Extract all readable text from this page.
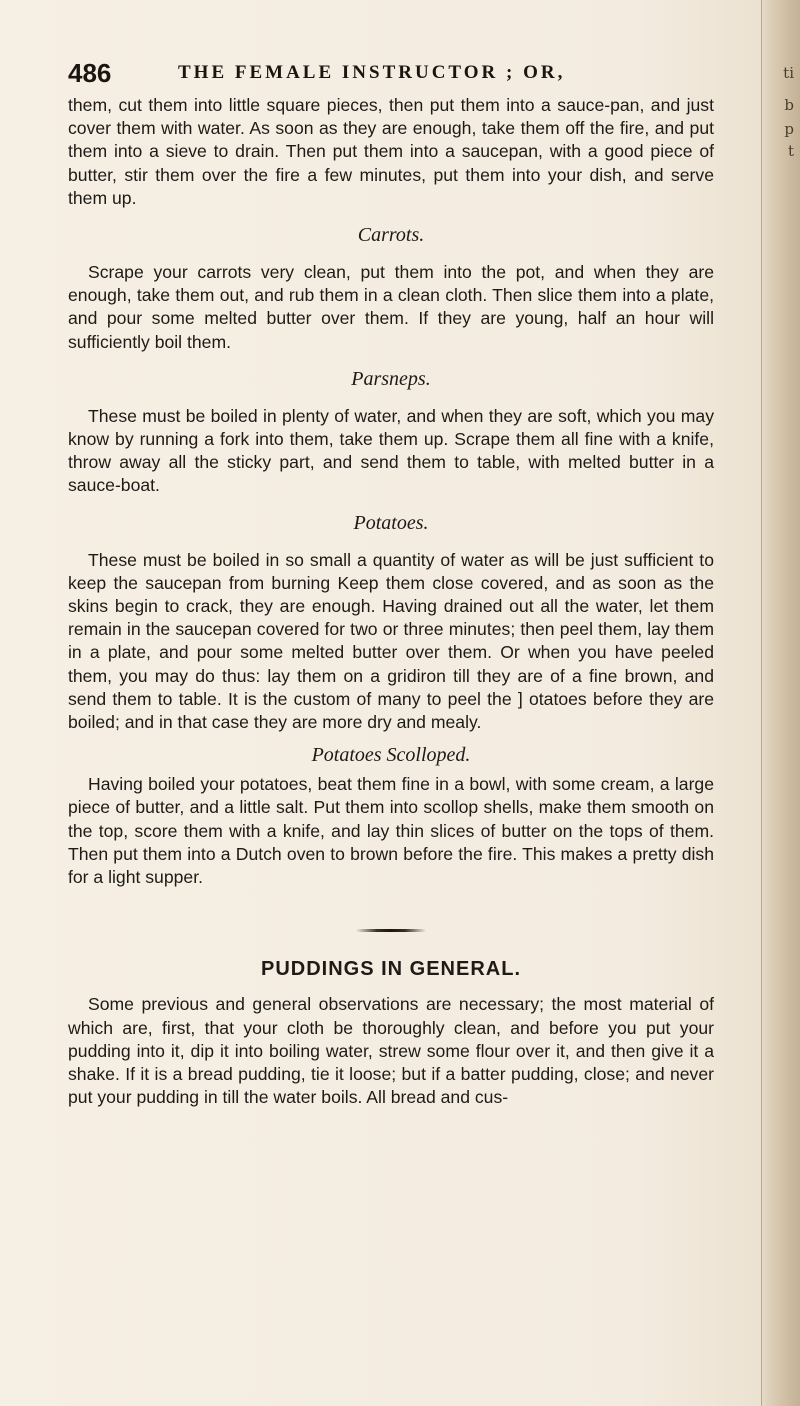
ti
b
p
t
486	THE FEMALE INSTRUCTOR ; OR,

them, cut them into little square pieces, then put them into a sauce-pan, and just cover them with water. As soon as they are enough, take them off the fire, and put them into a sieve to drain. Then put them into a saucepan, with a good piece of butter, stir them over the fire a few minutes, put them into your dish, and serve them up.

Carrots.

Scrape your carrots very clean, put them into the pot, and when they are enough, take them out, and rub them in a clean cloth. Then slice them into a plate, and pour some melted butter over them. If they are young, half an hour will sufficiently boil them.

Parsneps.

These must be boiled in plenty of water, and when they are soft, which you may know by running a fork into them, take them up. Scrape them all fine with a knife, throw away all the sticky part, and send them to table, with melted butter in a sauce-boat.

Potatoes.

These must be boiled in so small a quantity of water as will be just sufficient to keep the saucepan from burning Keep them close covered, and as soon as the skins begin to crack, they are enough. Having drained out all the water, let them remain in the saucepan covered for two or three minutes; then peel them, lay them in a plate, and pour some melted butter over them. Or when you have peeled them, you may do thus: lay them on a gridiron till they are of a fine brown, and send them to table. It is the custom of many to peel the ] otatoes before they are boiled; and in that case they are more dry and mealy.

Potatoes Scolloped.

Having boiled your potatoes, beat them fine in a bowl, with some cream, a large piece of butter, and a little salt. Put them into scollop shells, make them smooth on the top, score them with a knife, and lay thin slices of butter on the tops of them. Then put them into a Dutch oven to brown before the fire. This makes a pretty dish for a light supper.

PUDDINGS IN GENERAL.

Some previous and general observations are necessary; the most material of which are, first, that your cloth be thoroughly clean, and before you put your pudding into it, dip it into boiling water, strew some flour over it, and then give it a shake. If it is a bread pudding, tie it loose; but if a batter pudding, close; and never put your pudding in till the water boils. All bread and cus-
